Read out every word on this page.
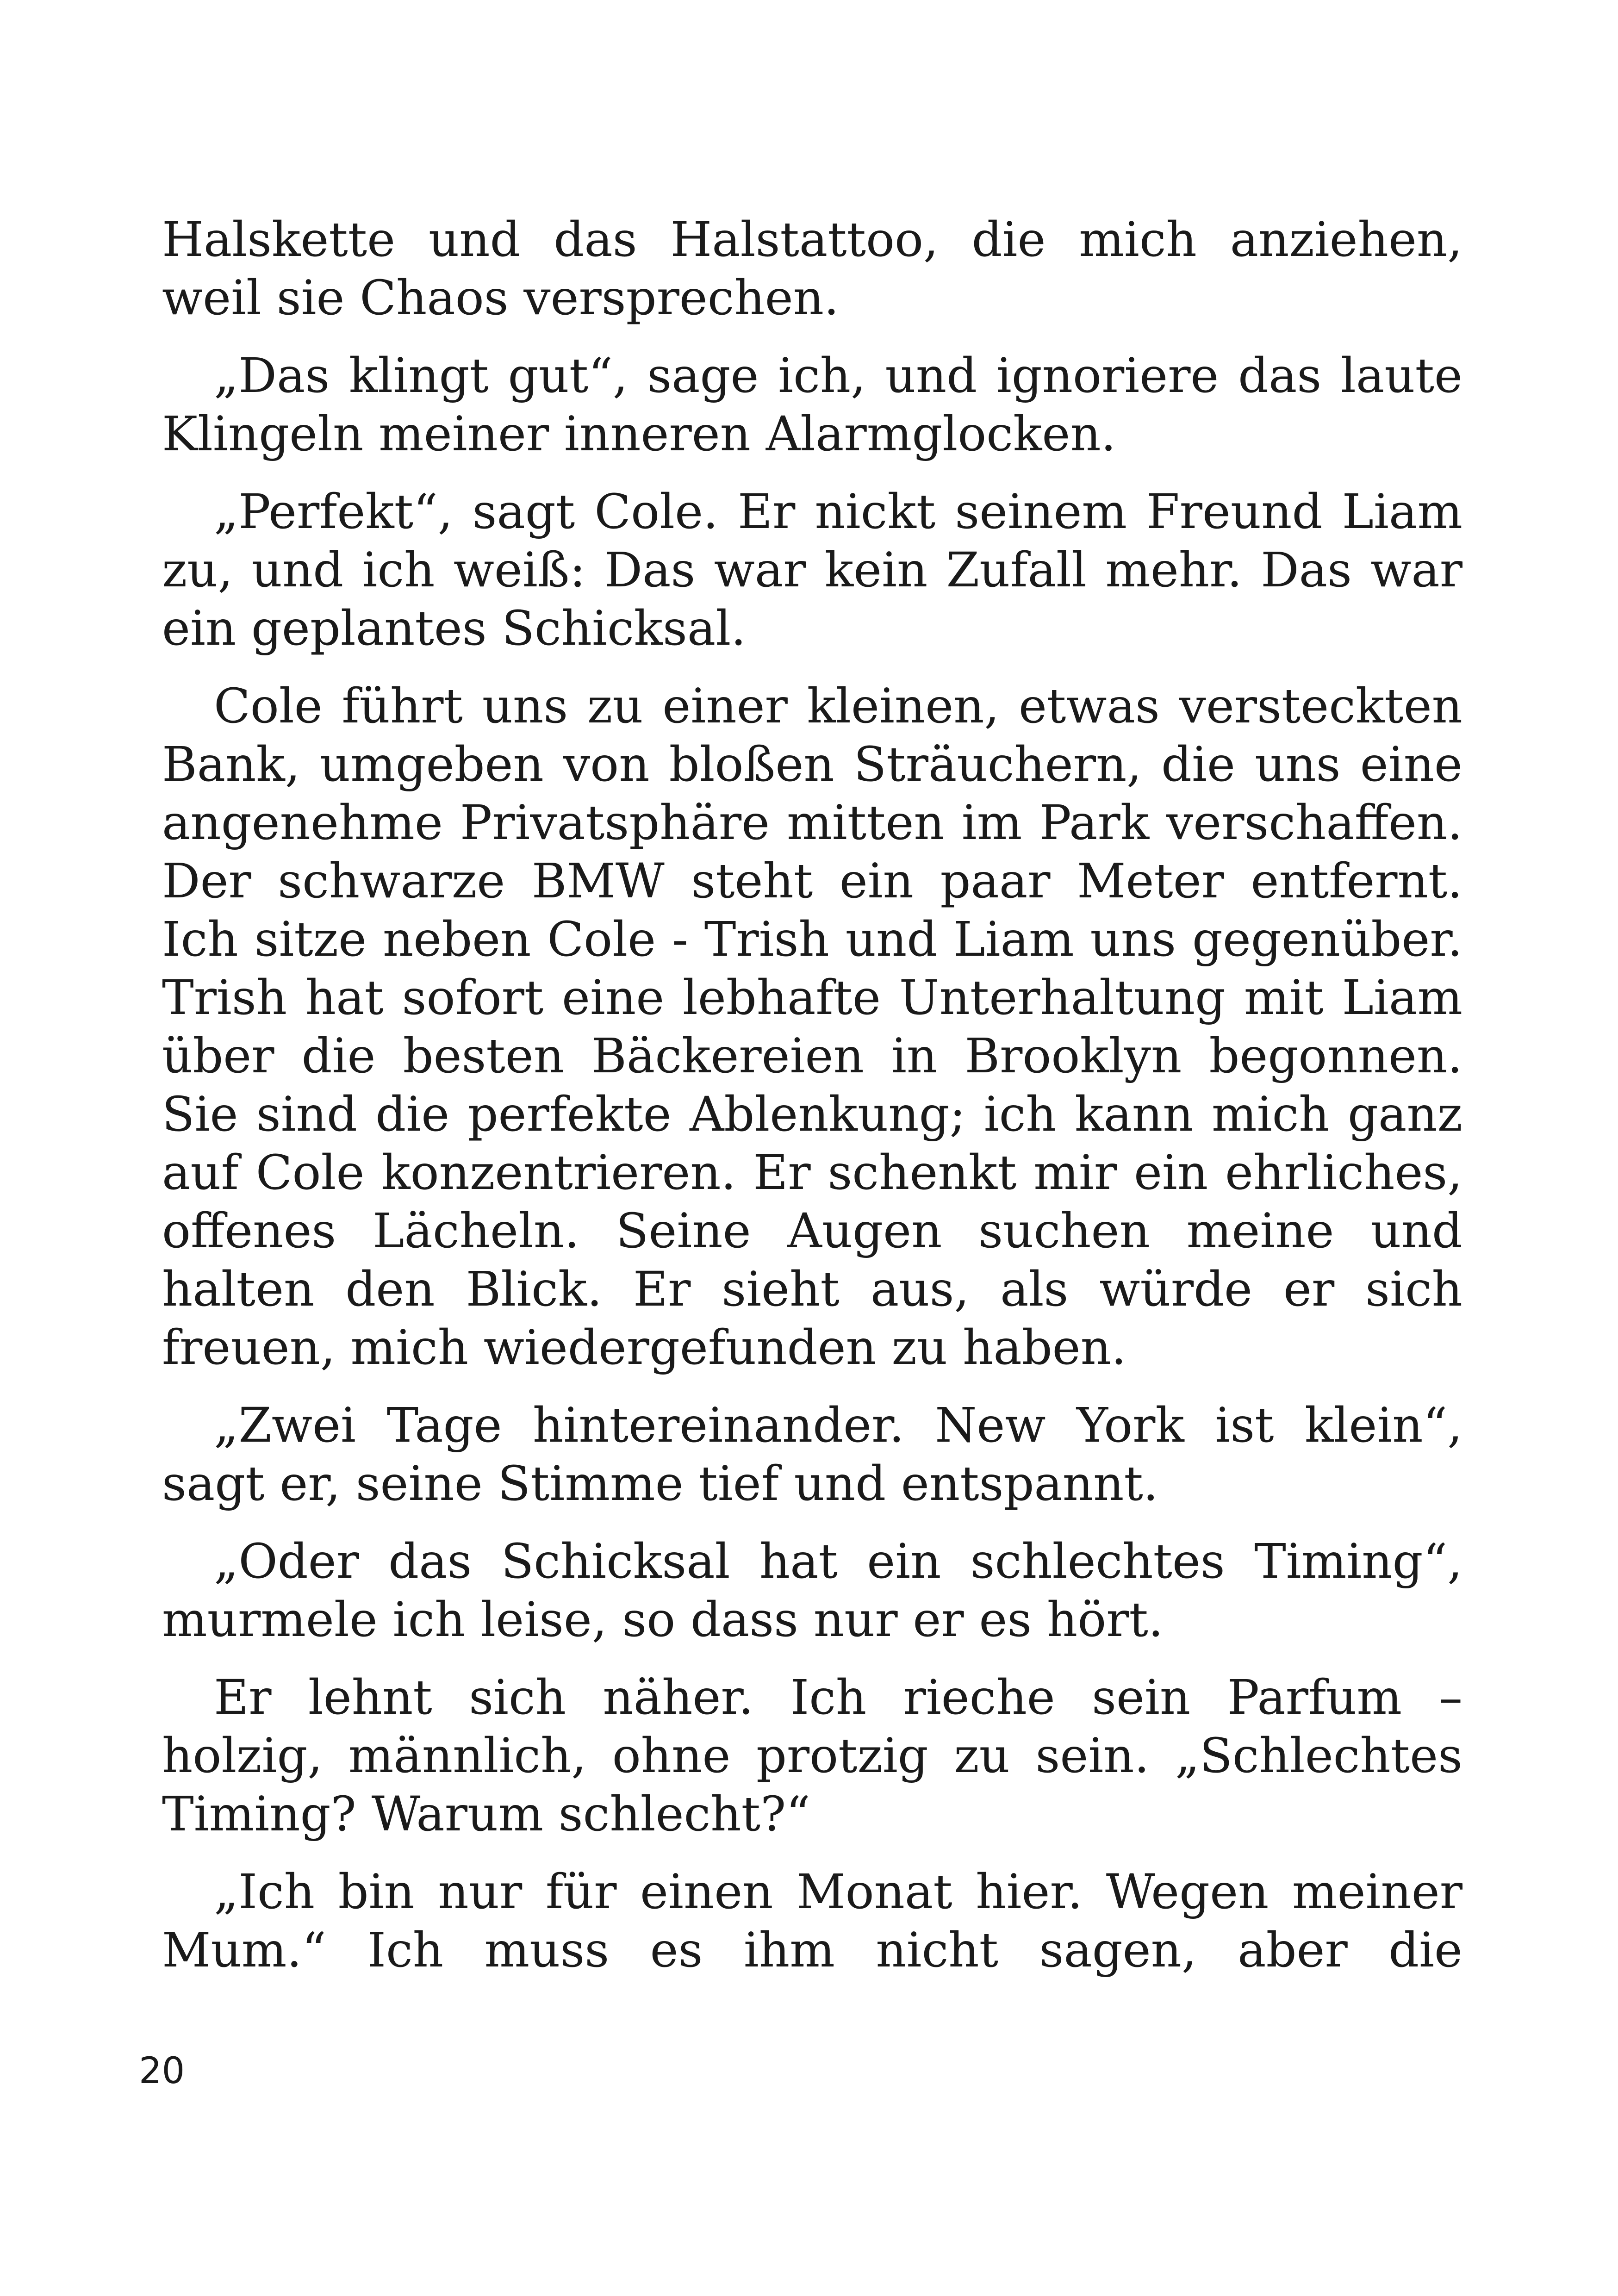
Halskette und das Halstattoo, die mich anziehen, weil sie Chaos versprechen.

„Das klingt gut“, sage ich, und ignoriere das laute Klingeln meiner inneren Alarmglocken.

„Perfekt“, sagt Cole. Er nickt seinem Freund Liam zu, und ich weiß: Das war kein Zufall mehr. Das war ein geplantes Schicksal.

Cole führt uns zu einer kleinen, etwas versteckten Bank, umgeben von bloßen Sträuchern, die uns eine angenehme Privatsphäre mitten im Park verschaffen. Der schwarze BMW steht ein paar Meter entfernt. Ich sitze neben Cole - Trish und Liam uns gegenüber. Trish hat sofort eine lebhafte Unterhaltung mit Liam über die besten Bäckereien in Brooklyn begonnen. Sie sind die perfekte Ablenkung; ich kann mich ganz auf Cole konzentrieren. Er schenkt mir ein ehrliches, offenes Lächeln. Seine Augen suchen meine und halten den Blick. Er sieht aus, als würde er sich freuen, mich wiedergefunden zu haben.

„Zwei Tage hintereinander. New York ist klein“, sagt er, seine Stimme tief und entspannt.

„Oder das Schicksal hat ein schlechtes Timing“, murmele ich leise, so dass nur er es hört.

Er lehnt sich näher. Ich rieche sein Parfum – holzig, männlich, ohne protzig zu sein. „Schlechtes Timing? Warum schlecht?“

„Ich bin nur für einen Monat hier. Wegen meiner Mum.“ Ich muss es ihm nicht sagen, aber die

20
